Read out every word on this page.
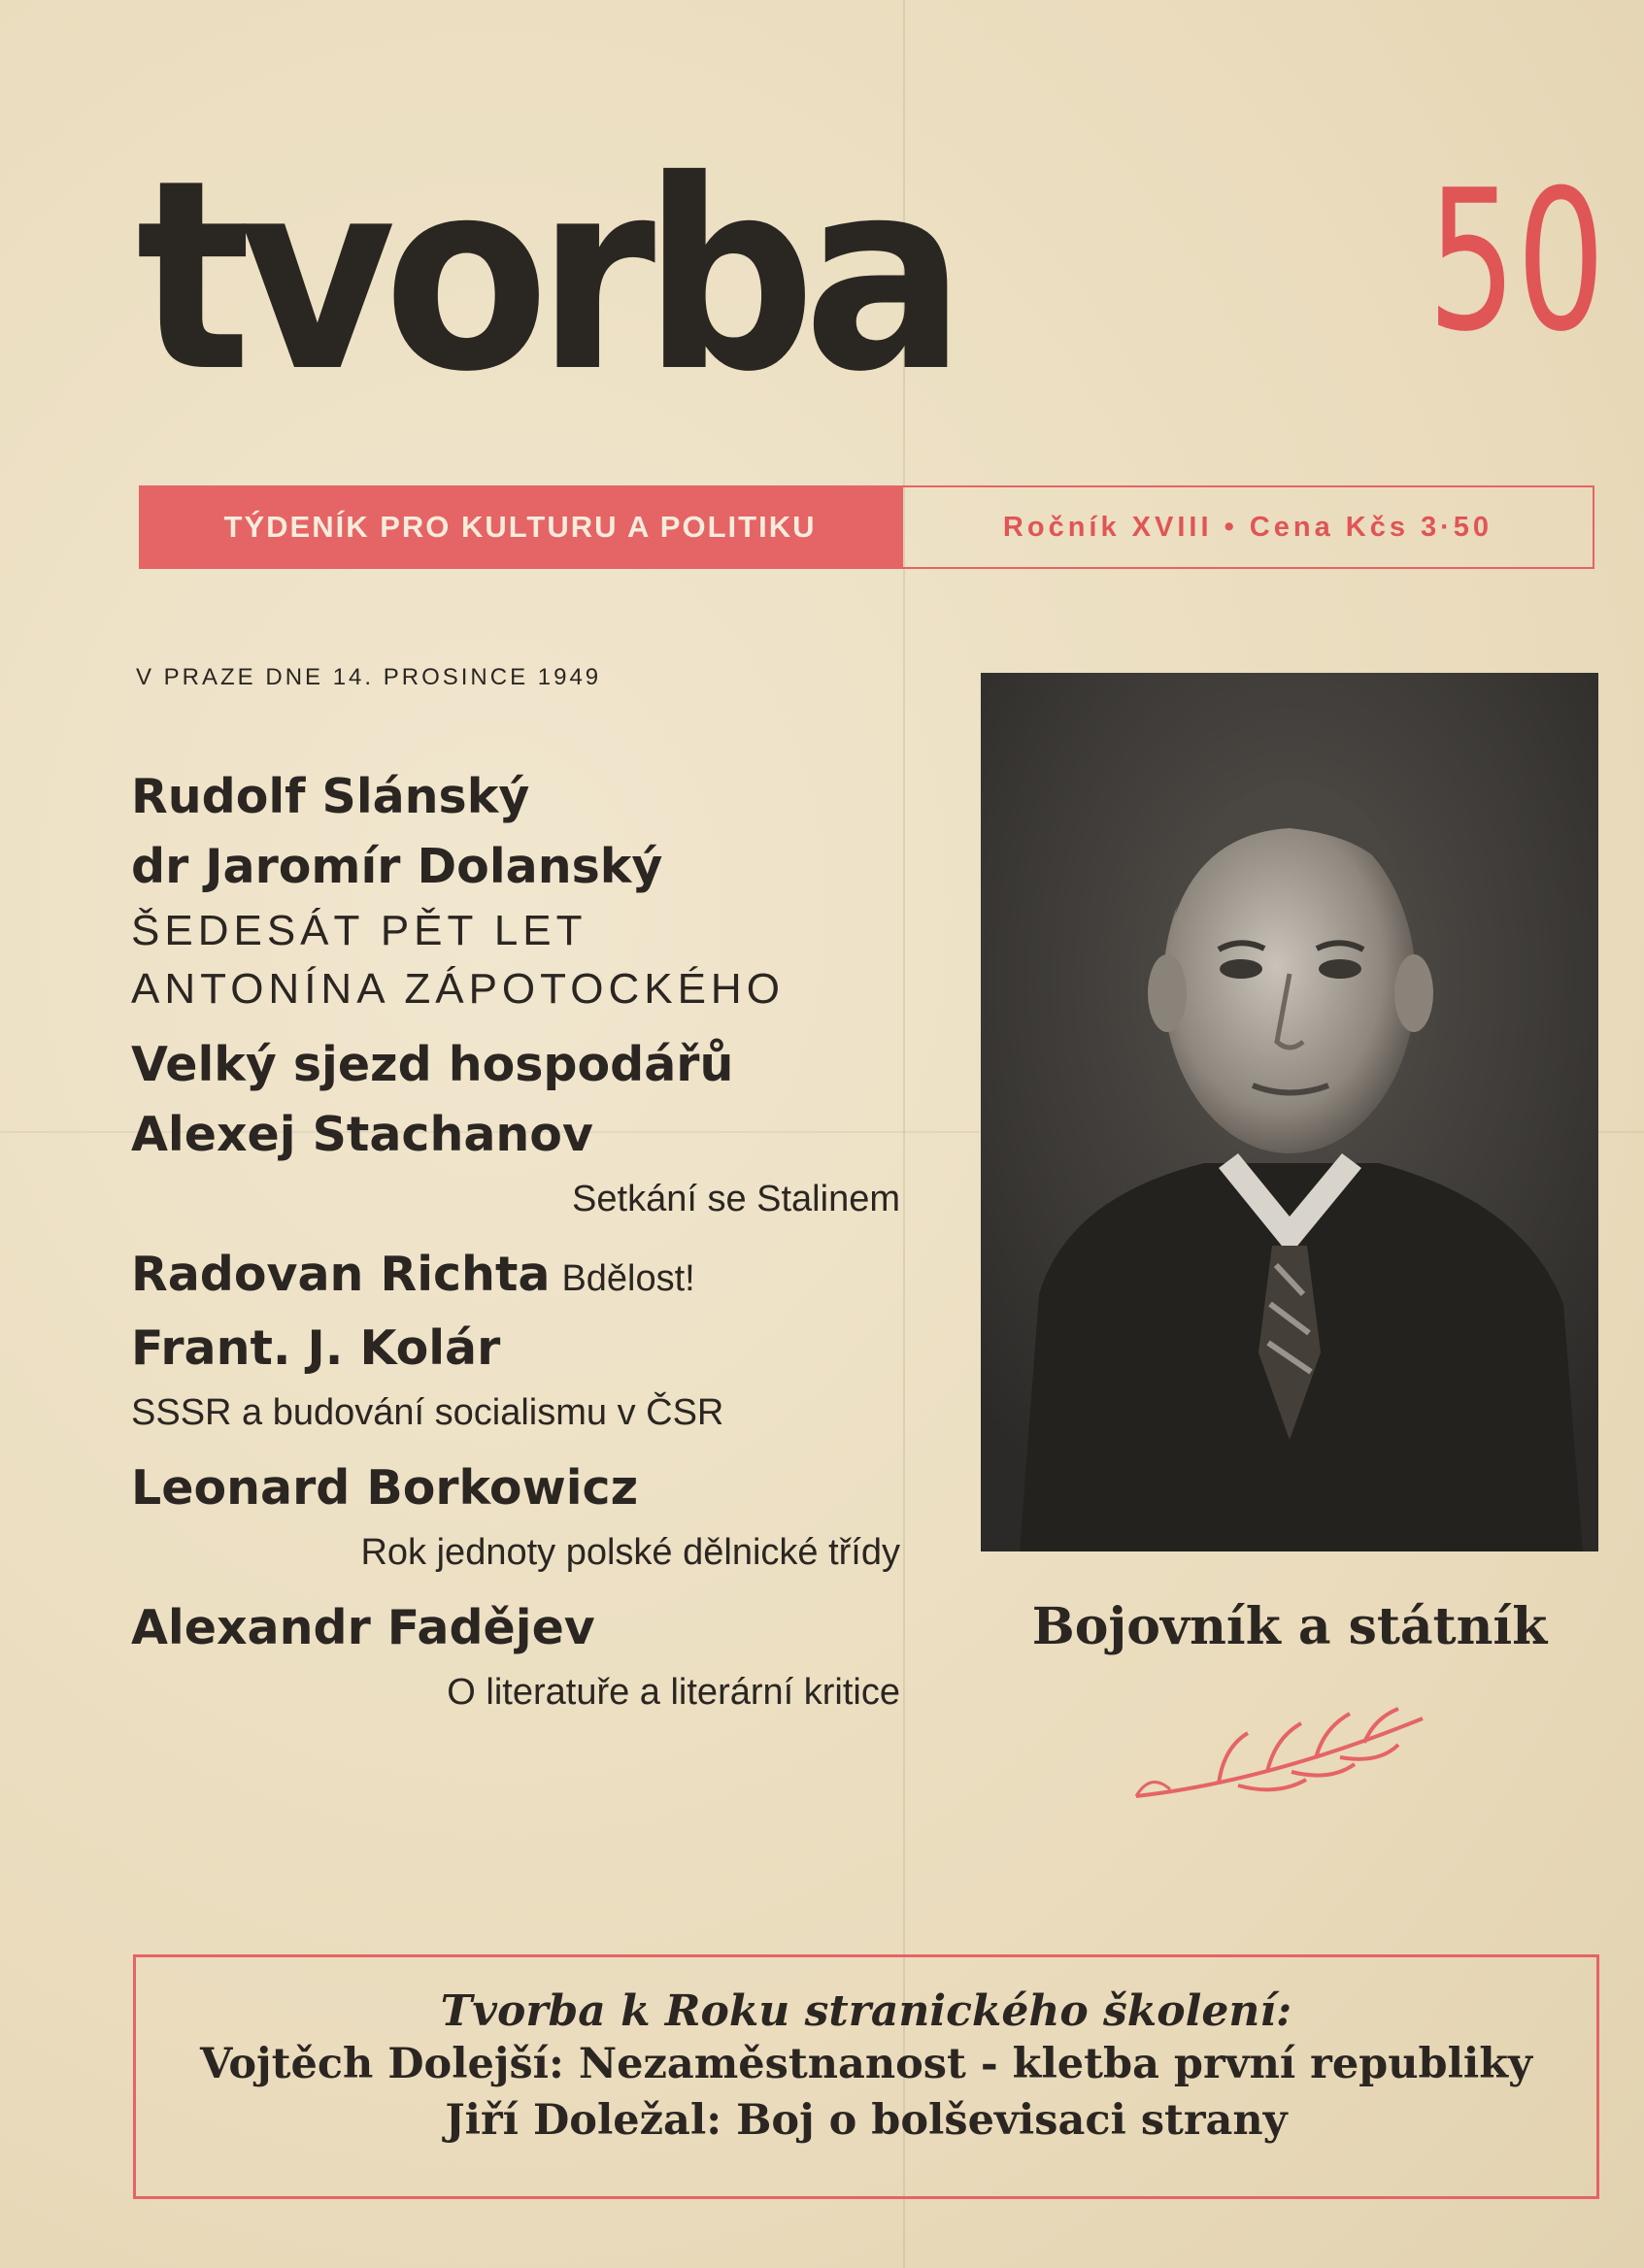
tvorba 50
TÝDENÍK PRO KULTURU A POLITIKU	Ročník XVIII • Cena Kčs 3·50
V PRAZE DNE 14. PROSINCE 1949
Rudolf Slánský
dr Jaromír Dolanský
ŠEDESÁT PĚT LET
ANTONÍNA ZÁPOTOCKÉHO
Velký sjezd hospodářů
Alexej Stachanov
Setkání se Stalinem
Radovan Richta Bdělost!
Frant. J. Kolár
SSSR a budování socialismu v ČSR
Leonard Borkowicz
Rok jednoty polské dělnické třídy
Alexandr Fadějev
O literatuře a literární kritice
Bojovník a státník
Tvorba k Roku stranického školení:
Vojtěch Dolejší: Nezaměstnanost - kletba první republiky
Jiří Doležal: Boj o bolševisaci strany
